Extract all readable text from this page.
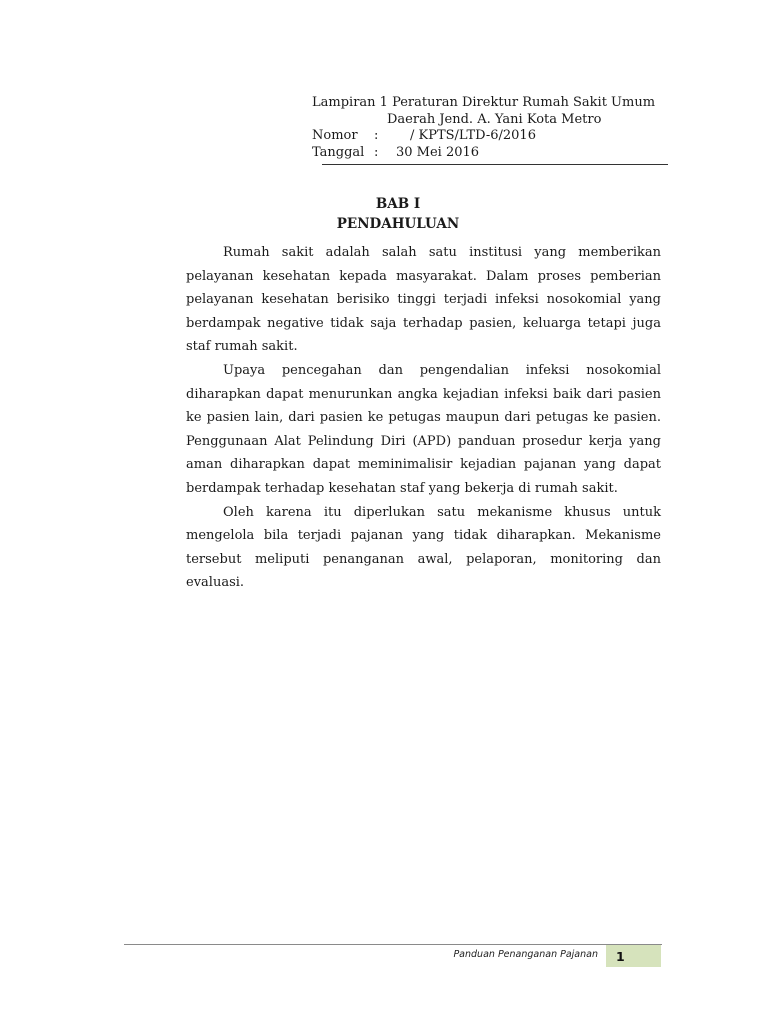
Lampiran 1 Peraturan Direktur Rumah Sakit Umum
Daerah Jend. A. Yani Kota Metro
Nomor	:	/ KPTS/LTD-6/2016
Tanggal :	30 Mei 2016
BAB I
PENDAHULUAN

Rumah sakit adalah salah satu institusi yang memberikan pelayanan kesehatan kepada masyarakat. Dalam proses pemberian pelayanan kesehatan berisiko tinggi terjadi infeksi nosokomial yang berdampak negative tidak saja terhadap pasien, keluarga tetapi juga staf rumah sakit.

Upaya pencegahan dan pengendalian infeksi nosokomial diharapkan dapat menurunkan angka kejadian infeksi baik dari pasien ke pasien lain, dari pasien ke petugas maupun dari petugas ke pasien. Penggunaan Alat Pelindung Diri (APD) panduan prosedur kerja yang aman diharapkan dapat meminimalisir kejadian pajanan yang dapat berdampak terhadap kesehatan staf yang bekerja di rumah sakit.

Oleh karena itu diperlukan satu mekanisme khusus untuk mengelola bila terjadi pajanan yang tidak diharapkan. Mekanisme tersebut meliputi penanganan awal, pelaporan, monitoring dan evaluasi.

Panduan Penanganan Pajanan 1
